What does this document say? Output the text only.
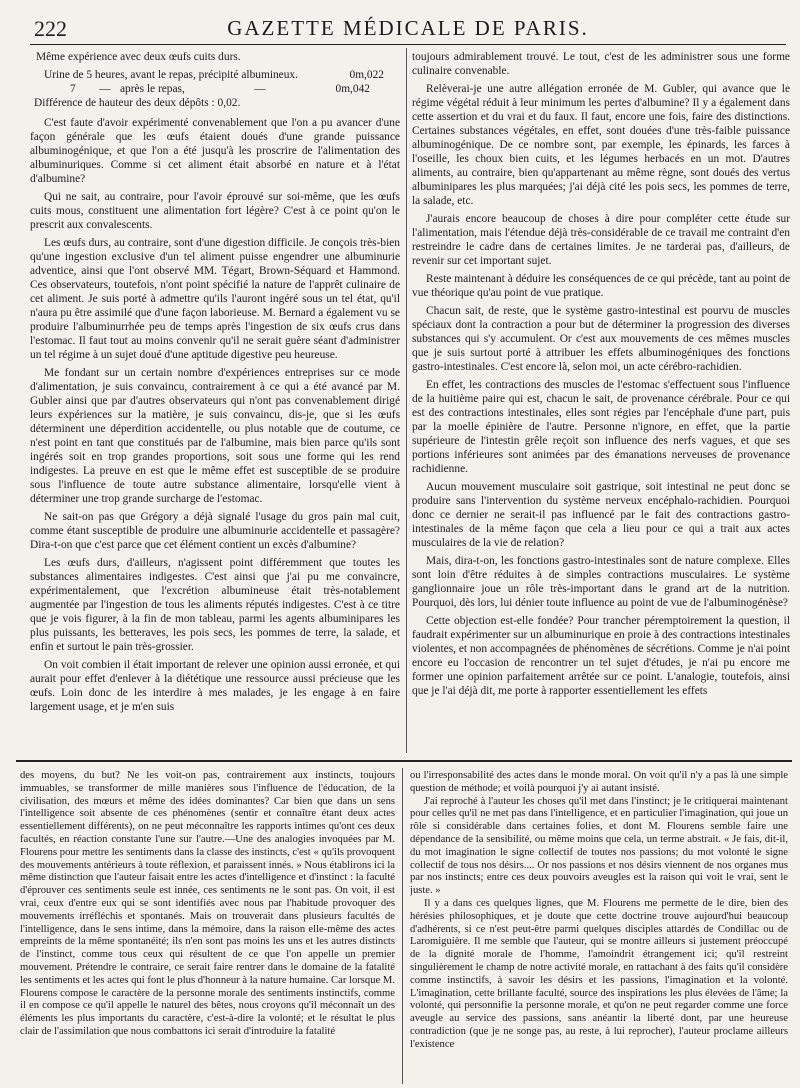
222	GAZETTE MÉDICALE DE PARIS.

Même expérience avec deux œufs cuits durs.

Urine de 5 heures, avant le repas, précipité albumineux.	0m,022
7	— après le repas,	—	0m,042
Différence de hauteur des deux dépôts : 0,02.

C'est faute d'avoir expérimenté convenablement que l'on a pu avancer d'une façon générale que les œufs étaient doués d'une grande puissance albuminogénique, et que l'on a été jusqu'à les proscrire de l'alimentation des albuminuriques. Comme si cet aliment était absorbé en nature et à l'état d'albumine?

Qui ne sait, au contraire, pour l'avoir éprouvé sur soi-même, que les œufs cuits mous, constituent une alimentation fort légère? C'est à ce point qu'on le prescrit aux convalescents.

Les œufs durs, au contraire, sont d'une digestion difficile. Je conçois très-bien qu'une ingestion exclusive d'un tel aliment puisse engendrer une albuminurie adventice, ainsi que l'ont observé MM. Tégart, Brown-Séquard et Hammond. Ces observateurs, toutefois, n'ont point spécifié la nature de l'apprêt culinaire de cet aliment. Je suis porté à admettre qu'ils l'auront ingéré sous un tel état, qu'il n'aura pu être assimilé que d'une façon laborieuse. M. Bernard a également vu se produire l'albuminurrhée peu de temps après l'ingestion de six œufs crus dans l'estomac. Il faut tout au moins convenir qu'il ne serait guère séant d'administrer un tel régime à un sujet doué d'une aptitude digestive peu heureuse.

Me fondant sur un certain nombre d'expériences entreprises sur ce mode d'alimentation, je suis convaincu, contrairement à ce qui a été avancé par M. Gubler ainsi que par d'autres observateurs qui n'ont pas convenablement dirigé leurs expériences sur la matière, je suis convaincu, dis-je, que si les œufs déterminent une déperdition accidentelle, ou plus notable que de coutume, ce n'est point en tant que constitués par de l'albumine, mais bien parce qu'ils sont ingérés soit en trop grandes proportions, soit sous une forme qui les rend indigestes. La preuve en est que le même effet est susceptible de se produire sous l'influence de toute autre substance alimentaire, lorsqu'elle vient à déterminer une trop grande surcharge de l'estomac.

Ne sait-on pas que Grégory a déjà signalé l'usage du gros pain mal cuit, comme étant susceptible de produire une albuminurie accidentelle et passagère? Dira-t-on que c'est parce que cet élément contient un excès d'albumine?

Les œufs durs, d'ailleurs, n'agissent point différemment que toutes les substances alimentaires indigestes. C'est ainsi que j'ai pu me convaincre, expérimentalement, que l'excrétion albumineuse était très-notablement augmentée par l'ingestion de tous les aliments réputés indigestes. C'est à ce titre que je vois figurer, à la fin de mon tableau, parmi les agents albuminipares les plus puissants, les betteraves, les pois secs, les pommes de terre, la salade, et enfin et surtout le pain très-grossier.

On voit combien il était important de relever une opinion aussi erronée, et qui aurait pour effet d'enlever à la diététique une ressource aussi précieuse que les œufs. Loin donc de les interdire à mes malades, je les engage à en faire largement usage, et je m'en suis

toujours admirablement trouvé. Le tout, c'est de les administrer sous une forme culinaire convenable.

Relèverai-je une autre allégation erronée de M. Gubler, qui avance que le régime végétal réduit à leur minimum les pertes d'albumine? Il y a également dans cette assertion et du vrai et du faux. Il faut, encore une fois, faire des distinctions. Certaines substances végétales, en effet, sont douées d'une très-faible puissance albuminogénique. De ce nombre sont, par exemple, les épinards, les farces à l'oseille, les choux bien cuits, et les légumes herbacés en un mot. D'autres aliments, au contraire, bien qu'appartenant au même règne, sont doués des vertus albuminipares les plus marquées; j'ai déjà cité les pois secs, les pommes de terre, la salade, etc.

J'aurais encore beaucoup de choses à dire pour compléter cette étude sur l'alimentation, mais l'étendue déjà très-considérable de ce travail me contraint d'en restreindre le cadre dans de certaines limites. Je ne tarderai pas, d'ailleurs, de revenir sur cet important sujet.

Reste maintenant à déduire les conséquences de ce qui précède, tant au point de vue théorique qu'au point de vue pratique.

Chacun sait, de reste, que le système gastro-intestinal est pourvu de muscles spéciaux dont la contraction a pour but de déterminer la progression des diverses substances qui s'y accumulent. Or c'est aux mouvements de ces mêmes muscles que je suis surtout porté à attribuer les effets albuminogéniques des fonctions gastro-intestinales. C'est encore là, selon moi, un acte cérébro-rachidien.

En effet, les contractions des muscles de l'estomac s'effectuent sous l'influence de la huitième paire qui est, chacun le sait, de provenance cérébrale. Pour ce qui est des contractions intestinales, elles sont régies par l'encéphale d'une part, puis par la moelle épinière de l'autre. Personne n'ignore, en effet, que la partie supérieure de l'intestin grêle reçoit son influence des nerfs vagues, et que ses portions inférieures sont animées par des émanations nerveuses de provenance rachidienne.

Aucun mouvement musculaire soit gastrique, soit intestinal ne peut donc se produire sans l'intervention du système nerveux encéphalo-rachidien. Pourquoi donc ce dernier ne serait-il pas influencé par le fait des contractions gastro-intestinales de la même façon que cela a lieu pour ce qui a trait aux actes musculaires de la vie de relation?

Mais, dira-t-on, les fonctions gastro-intestinales sont de nature complexe. Elles sont loin d'être réduites à de simples contractions musculaires. Le système ganglionnaire joue un rôle très-important dans le grand art de la nutrition. Pourquoi, dès lors, lui dénier toute influence au point de vue de l'albuminogénèse?

Cette objection est-elle fondée? Pour trancher péremptoirement la question, il faudrait expérimenter sur un albuminurique en proie à des contractions intestinales violentes, et non accompagnées de phénomènes de sécrétions. Comme je n'ai point encore eu l'occasion de rencontrer un tel sujet d'études, je n'ai pu encore me former une opinion parfaitement arrêtée sur ce point. L'analogie, toutefois, ainsi que je l'ai déjà dit, me porte à rapporter essentiellement les effets

des moyens, du but? Ne les voit-on pas, contrairement aux instincts, toujours immuables, se transformer de mille manières sous l'influence de l'éducation, de la civilisation, des mœurs et même des idées dominantes? Car bien que dans un sens l'intelligence soit absente de ces phénomènes (sentir et connaître étant deux actes essentiellement différents), on ne peut méconnaître les rapports intimes qu'ont ces deux facultés, en réaction constante l'une sur l'autre.—Une des analogies invoquées par M. Flourens pour mettre les sentiments dans la classe des instincts, c'est « qu'ils provoquent des mouvements antérieurs à toute réflexion, et paraissent innés. » Nous établirons ici la même distinction que l'auteur faisait entre les actes d'intelligence et d'instinct : la faculté d'éprouver ces sentiments seule est innée, ces sentiments ne le sont pas. On voit, il est vrai, ceux d'entre eux qui se sont identifiés avec nous par l'habitude provoquer des mouvements irréfléchis et spontanés. Mais on trouverait dans plusieurs facultés de l'intelligence, dans le sens intime, dans la mémoire, dans la raison elle-même des actes empreints de la même spontanéité; ils n'en sont pas moins les uns et les autres distincts de l'instinct, comme tous ceux qui résultent de ce que l'on appelle un premier mouvement. Prétendre le contraire, ce serait faire rentrer dans le domaine de la fatalité les sentiments et les actes qui font le plus d'honneur à la nature humaine. Car lorsque M. Flourens compose le caractère de la personne morale des sentiments instinctifs, comme il en compose ce qu'il appelle le naturel des bêtes, nous croyons qu'il méconnaît un des éléments les plus importants du caractère, c'est-à-dire la volonté; et le résultat le plus clair de l'assimilation que nous combattons ici serait d'introduire la fatalité

ou l'irresponsabilité des actes dans le monde moral. On voit qu'il n'y a pas là une simple question de méthode; et voilà pourquoi j'y ai autant insisté.

J'ai reproché à l'auteur les choses qu'il met dans l'instinct; je le critiquerai maintenant pour celles qu'il ne met pas dans l'intelligence, et en particulier l'imagination, qui joue un rôle si considérable dans certaines folies, et dont M. Flourens semble faire une dépendance de la sensibilité, ou même moins que cela, un terme abstrait. « Je fais, dit-il, du mot imagination le signe collectif de toutes nos passions; du mot volonté le signe collectif de tous nos désirs.... Or nos passions et nos désirs viennent de nos organes mus par nos instincts; entre ces deux pouvoirs aveugles est la raison qui voit le vrai, sent le juste. »

Il y a dans ces quelques lignes, que M. Flourens me permette de le dire, bien des hérésies philosophiques, et je doute que cette doctrine trouve aujourd'hui beaucoup d'adhérents, si ce n'est peut-être parmi quelques disciples attardés de Condillac ou de Laromiguière. Il me semble que l'auteur, qui se montre ailleurs si justement préoccupé de la dignité morale de l'homme, l'amoindrit étrangement ici; qu'il restreint singulièrement le champ de notre activité morale, en rattachant à des faits qu'il considère comme instinctifs, à savoir les désirs et les passions, l'imagination et la volonté. L'imagination, cette brillante faculté, source des inspirations les plus élevées de l'âme; la volonté, qui personnifie la personne morale, et qu'on ne peut regarder comme une force aveugle au service des passions, sans anéantir la liberté dont, par une heureuse contradiction (que je ne songe pas, au reste, à lui reprocher), l'auteur proclame ailleurs l'existence
